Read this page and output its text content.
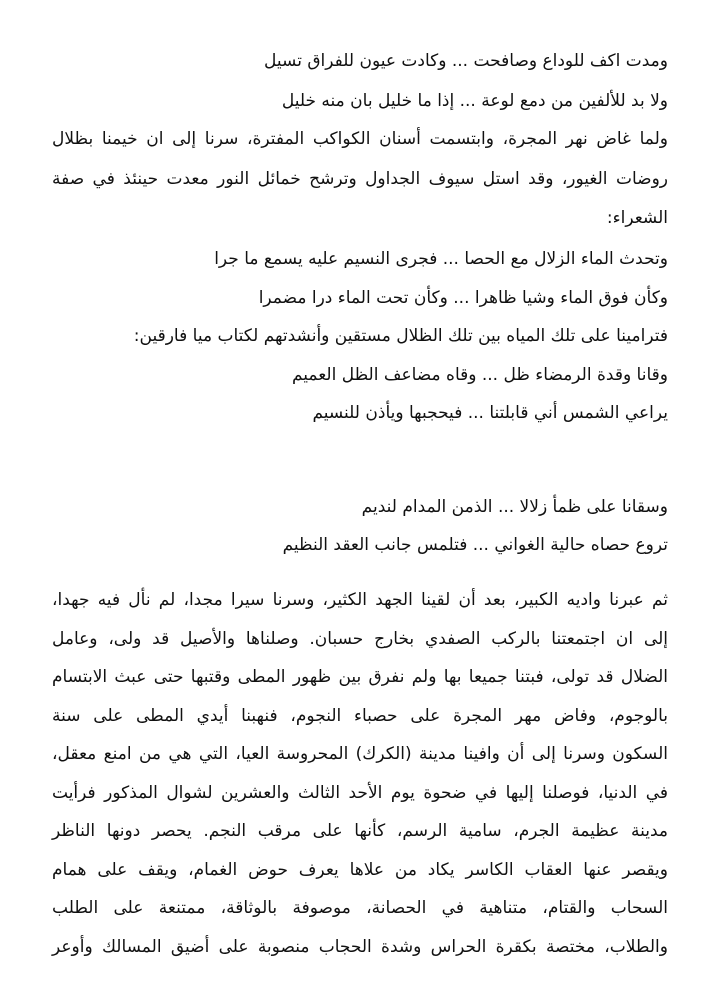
ومدت اكف للوداع وصافحت ... وكادت عيون للفراق تسيل
ولا بد للألفين من دمع لوعة ... إذا ما خليل بان منه خليل
ولما غاض نهر المجرة، وابتسمت أسنان الكواكب المفترة، سرنا إلى ان خيمنا بظلال
روضات الغيور، وقد استل سيوف الجداول وترشح خمائل النور معدت حينئذ في صفة
الشعراء:
وتحدث الماء الزلال مع الحصا ... فجرى النسيم عليه يسمع ما جرا
وكأن فوق الماء وشيا ظاهرا ... وكأن تحت الماء درا مضمرا
فترامينا على تلك المياه بين تلك الظلال مستقين وأنشدتهم لكتاب ميا فارقين:
وقانا وقدة الرمضاء ظل ... وقاه مضاعف الظل العميم
يراعي الشمس أني قابلتنا ... فيحجبها ويأذن للنسيم
وسقانا على ظمأ زلالا ... الذمن المدام لنديم
تروع حصاه حالية الغواني ... فتلمس جانب العقد النظيم
ثم عبرنا واديه الكبير، بعد أن لقينا الجهد الكثير، وسرنا سيرا مجدا، لم نأل فيه جهدا،
إلى ان اجتمعتنا بالركب الصفدي بخارج حسبان. وصلناها والأصيل قد ولى، وعامل
الضلال قد تولى، فبتنا جميعا بها ولم نفرق بين ظهور المطى وقتبها حتى عبث الابتسام
بالوجوم، وفاض مهر المجرة على حصباء النجوم، فنهبنا أيدي المطى على سنة
السكون وسرنا إلى أن وافينا مدينة (الكرك) المحروسة العيا، التي هي من امنع معقل،
في الدنيا، فوصلنا إليها في ضحوة يوم الأحد الثالث والعشرين لشوال المذكور فرأيت
مدينة عظيمة الجرم، سامية الرسم، كأنها على مرقب النجم. يحصر دونها الناظر
ويقصر عنها العقاب الكاسر يكاد من علاها يعرف حوض الغمام، ويقف على همام
السحاب والقتام، متناهية في الحصانة، موصوفة بالوثاقة، ممتنعة على الطلب
والطلاب، مختصة بكقرة الحراس وشدة الحجاب منصوبة على أضيق المسالك وأوعر
